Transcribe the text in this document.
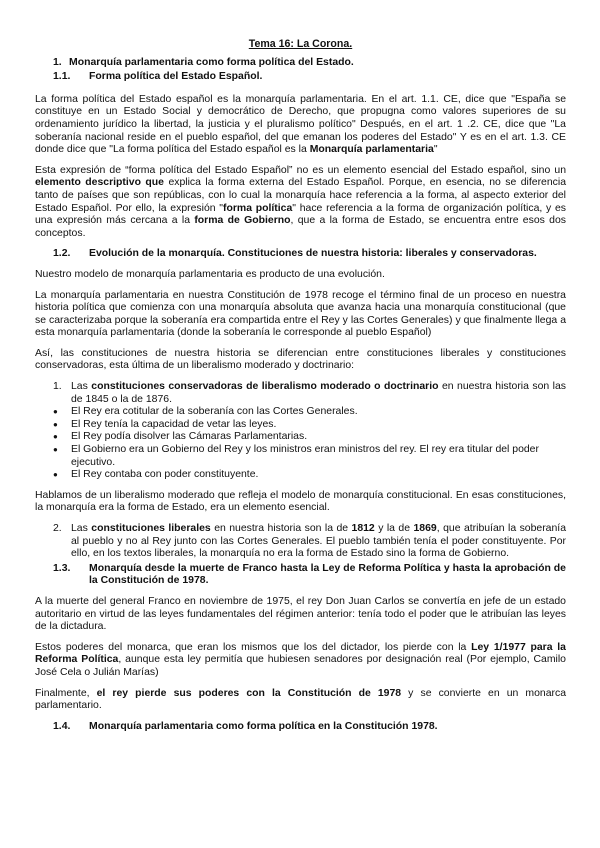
Tema 16: La Corona.
1. Monarquía parlamentaria como forma política del Estado.
1.1.	Forma política del Estado Español.

La forma política del Estado español es la monarquía parlamentaria. En el art. 1.1. CE, dice que "España se constituye en un Estado Social y democrático de Derecho, que propugna como valores superiores de su ordenamiento jurídico la libertad, la justicia y el pluralismo político" Después, en el art. 1 .2. CE, dice que "La soberanía nacional reside en el pueblo español, del que emanan los poderes del Estado" Y es en el art. 1.3. CE donde dice que "La forma política del Estado español es la Monarquía parlamentaria"

Esta expresión de “forma política del Estado Español” no es un elemento esencial del Estado español, sino un elemento descriptivo que explica la forma externa del Estado Español. Porque, en esencia, no se diferencia tanto de países que son repúblicas, con lo cual la monarquía hace referencia a la forma, al aspecto exterior del Estado Español. Por ello, la expresión "forma política" hace referencia a la forma de organización política, y es una expresión más cercana a la forma de Gobierno, que a la forma de Estado, se encuentra entre esos dos conceptos.

1.2.	Evolución de la monarquía. Constituciones de nuestra historia: liberales y conservadoras.

Nuestro modelo de monarquía parlamentaria es producto de una evolución.

La monarquía parlamentaria en nuestra Constitución de 1978 recoge el término final de un proceso en nuestra historia política que comienza con una monarquía absoluta que avanza hacia una monarquía constitucional (que se caracterizaba porque la soberanía era compartida entre el Rey y las Cortes Generales) y que finalmente llega a esta monarquía parlamentaria (donde la soberanía le corresponde al pueblo Español)

Así, las constituciones de nuestra historia se diferencian entre constituciones liberales y constituciones conservadoras, esta última de un liberalismo moderado y doctrinario:

1. Las constituciones conservadoras de liberalismo moderado o doctrinario en nuestra historia son las de 1845 o la de 1876.
●	El Rey era cotitular de la soberanía con las Cortes Generales.
●	El Rey tenía la capacidad de vetar las leyes.
●	El Rey podía disolver las Cámaras Parlamentarias.
●	El Gobierno era un Gobierno del Rey y los ministros eran ministros del rey. El rey era titular del poder ejecutivo.
●	El Rey contaba con poder constituyente.

Hablamos de un liberalismo moderado que refleja el modelo de monarquía constitucional. En esas constituciones, la monarquía era la forma de Estado, era un elemento esencial.

2. Las constituciones liberales en nuestra historia son la de 1812 y la de 1869, que atribuían la soberanía al pueblo y no al Rey junto con las Cortes Generales. El pueblo también tenía el poder constituyente. Por ello, en los textos liberales, la monarquía no era la forma de Estado sino la forma de Gobierno.
1.3.	Monarquía desde la muerte de Franco hasta la Ley de Reforma Política y hasta la aprobación de la Constitución de 1978.

A la muerte del general Franco en noviembre de 1975, el rey Don Juan Carlos se convertía en jefe de un estado autoritario en virtud de las leyes fundamentales del régimen anterior: tenía todo el poder que le atribuían las leyes de la dictadura.

Estos poderes del monarca, que eran los mismos que los del dictador, los pierde con la Ley 1/1977 para la Reforma Política, aunque esta ley permitía que hubiesen senadores por designación real (Por ejemplo, Camilo José Cela o Julián Marías)

Finalmente, el rey pierde sus poderes con la Constitución de 1978 y se convierte en un monarca parlamentario.

1.4.	Monarquía parlamentaria como forma política en la Constitución 1978.
